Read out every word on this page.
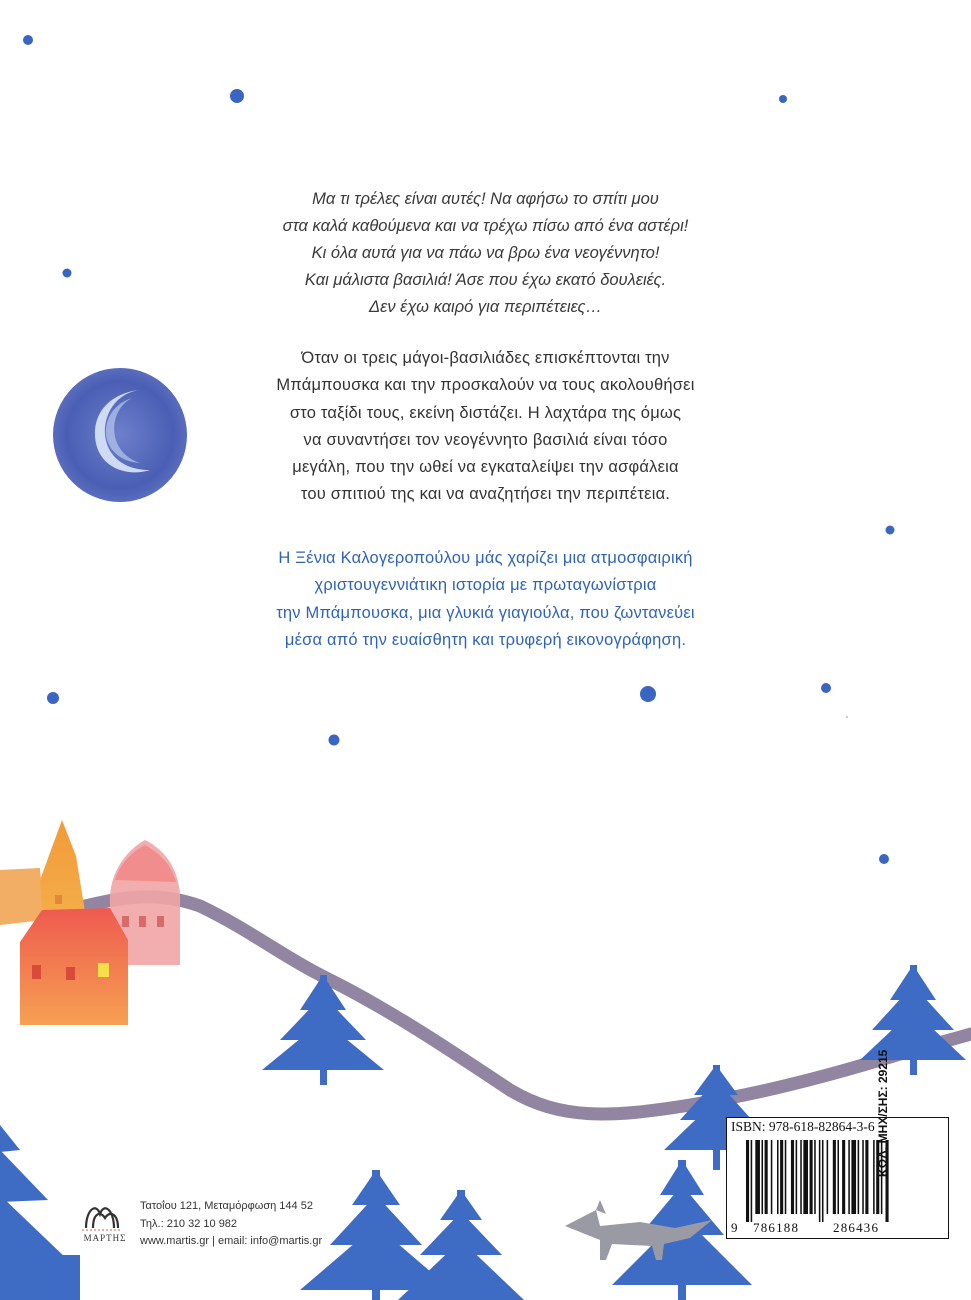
Μα τι τρέλες είναι αυτές! Να αφήσω το σπίτι μου
στα καλά καθούμενα και να τρέχω πίσω από ένα αστέρι!
Κι όλα αυτά για να πάω να βρω ένα νεογέννητο!
Και μάλιστα βασιλιά! Άσε που έχω εκατό δουλειές.
Δεν έχω καιρό για περιπέτειες…
Όταν οι τρεις μάγοι-βασιλιάδες επισκέπτονται την
Μπάμπουσκα και την προσκαλούν να τους ακολουθήσει
στο ταξίδι τους, εκείνη διστάζει. Η λαχτάρα της όμως
να συναντήσει τον νεογέννητο βασιλιά είναι τόσο
μεγάλη, που την ωθεί να εγκαταλείψει την ασφάλεια
του σπιτιού της και να αναζητήσει την περιπέτεια.
Η Ξένια Καλογεροπούλου μάς χαρίζει μια ατμοσφαιρική
χριστουγεννιάτικη ιστορία με πρωταγωνίστρια
την Μπάμπουσκα, μια γλυκιά γιαγιούλα, που ζωντανεύει
μέσα από την ευαίσθητη και τρυφερή εικονογράφηση.
ΜΑΡΤΗΣ
Τατοΐου 121, Μεταμόρφωση 144 52
Τηλ.: 210 32 10 982
www.martis.gr | email: info@martis.gr
ISBN: 978-618-82864-3-6
9 786188	286436
ΚΩΔ. ΜΗΧ/ΣΗΣ: 29215
